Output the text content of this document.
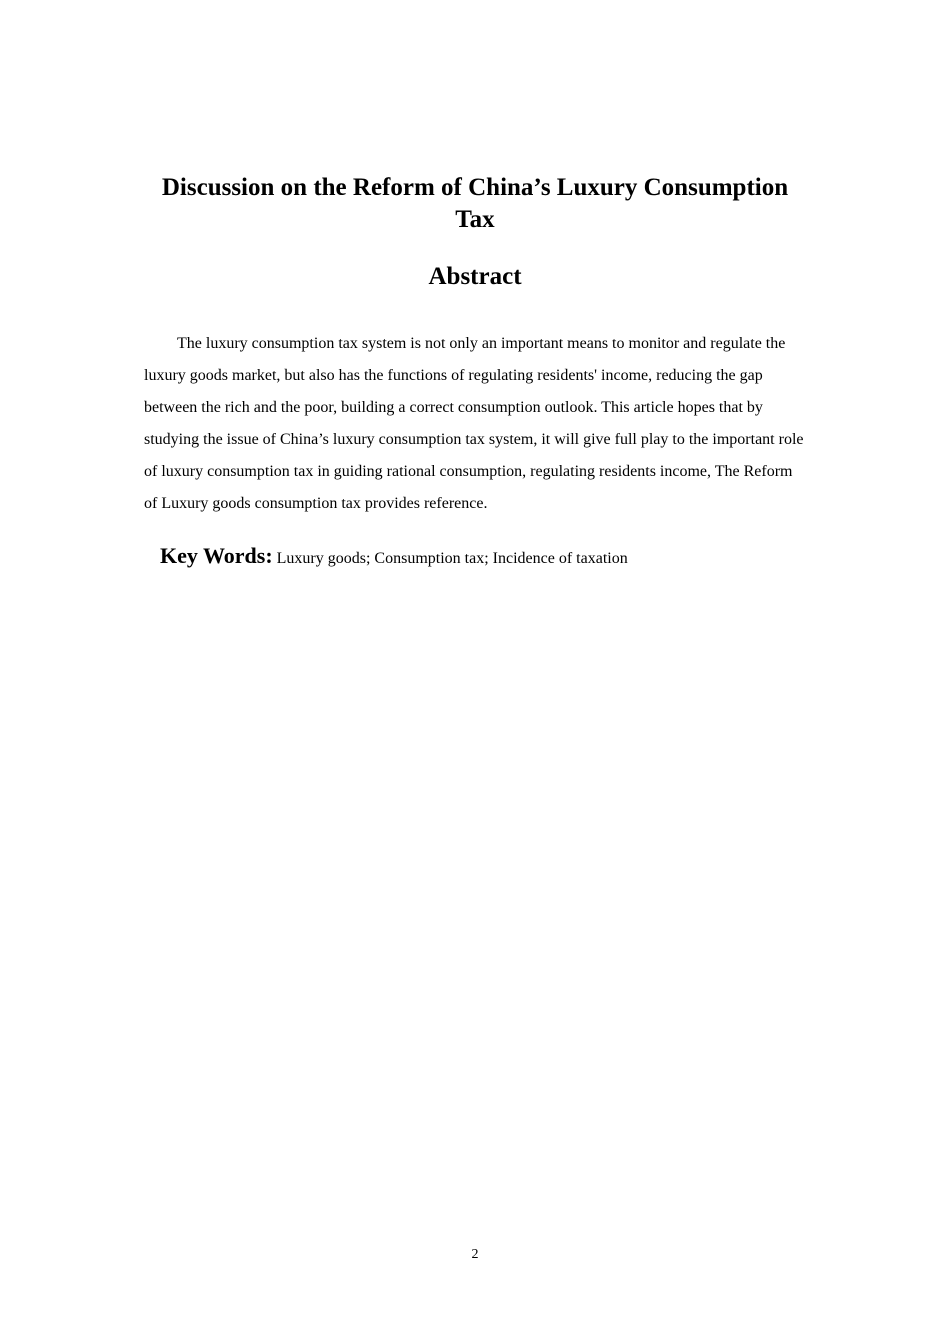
Discussion on the Reform of China’s Luxury Consumption Tax
Abstract

The luxury consumption tax system is not only an important means to monitor and regulate the luxury goods market, but also has the functions of regulating residents' income, reducing the gap between the rich and the poor, building a correct consumption outlook. This article hopes that by studying the issue of China’s luxury consumption tax system, it will give full play to the important role of luxury consumption tax in guiding rational consumption, regulating residents income, The Reform of Luxury goods consumption tax provides reference.

Key Words: Luxury goods; Consumption tax; Incidence of taxation

2
